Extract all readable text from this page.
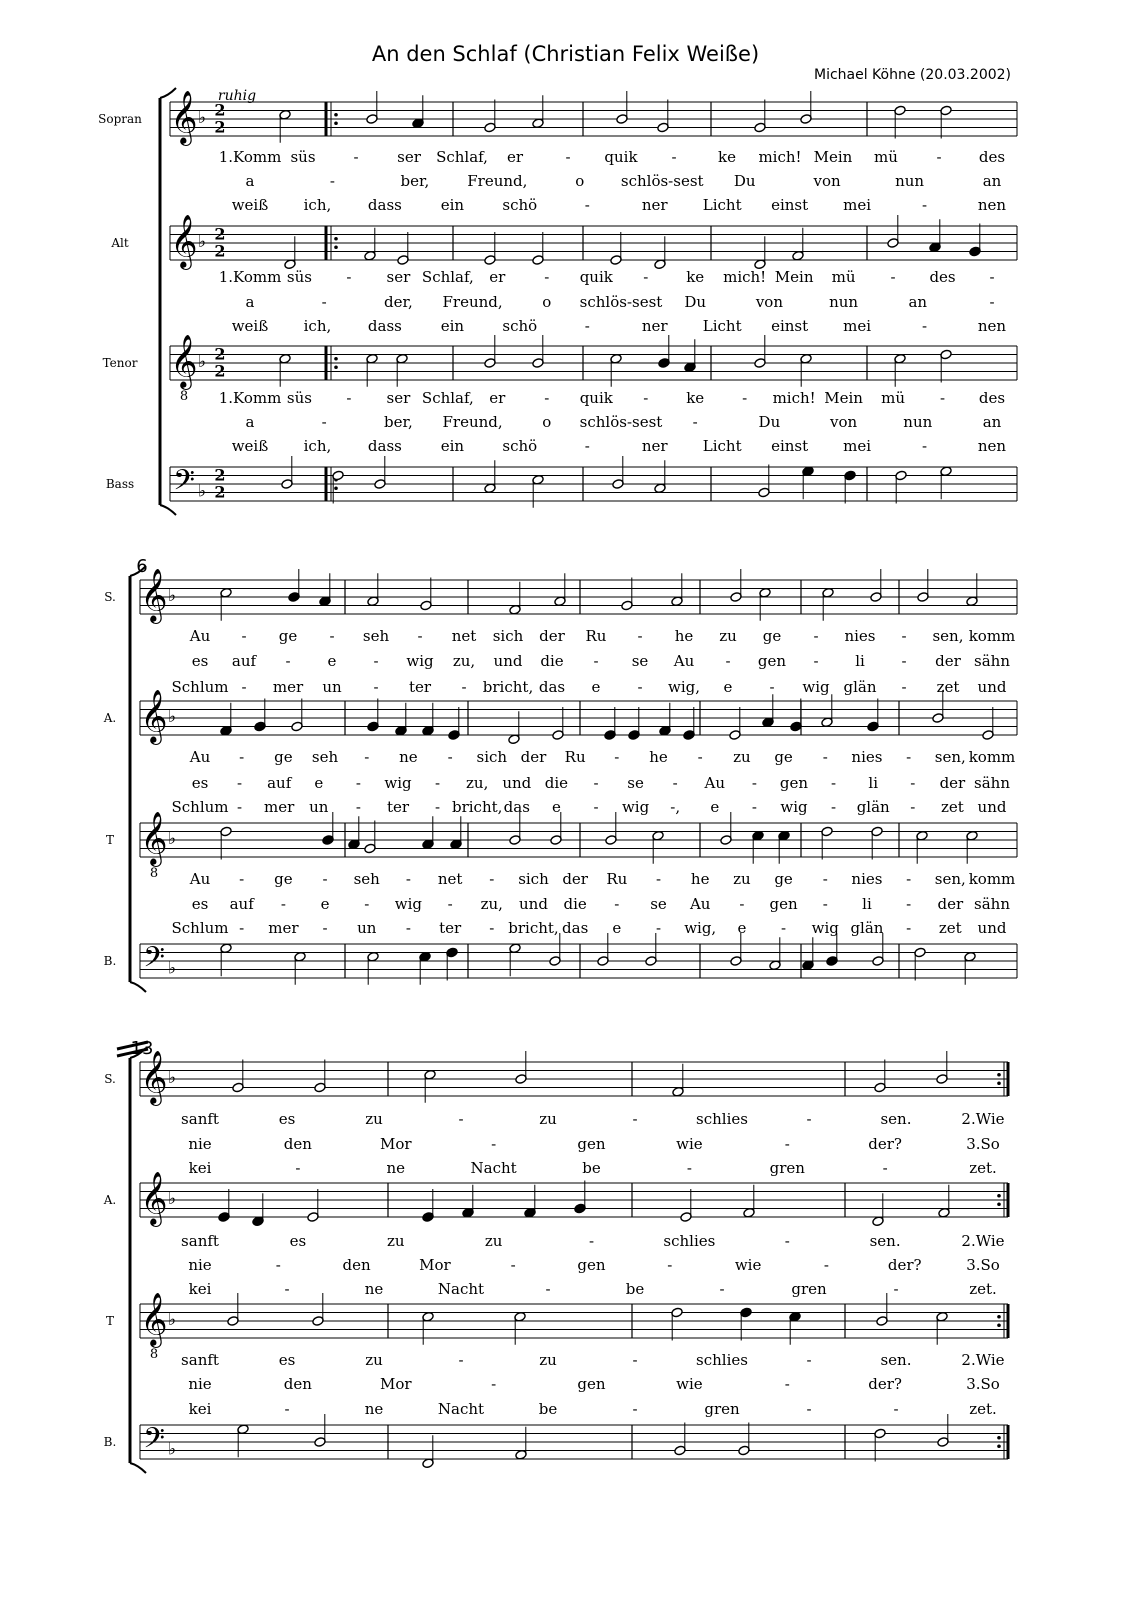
An den Schlaf (Christian Felix Weiße)
Michael Köhne (20.03.2002)
Sopran 𝄞 ♭ 2
2
1.Komm süs	-	ser Schlaf, er	- quik -	ke mich! Mein mü	- des
a	-	ber,	Freund,	o schlös-sest Du	von	nun	an
weiß ich, dass	ein	schö	-	ner Licht einst mei	-	nen
Alt 𝄞 ♭ 2
2
1.Komm süs - ser Schlaf, er	- quik -	ke mich! Mein mü - des -
a	-	der, Freund,	o schlös-sest Du	von	nun	an	-
weiß ich, dass	ein	schö	-	ner Licht einst mei	-	nen
Tenor 𝄞
8
♭ 2
2
1.Komm süs - ser Schlaf, er	- quik -	ke	- mich! Mein mü - des
a	-	ber, Freund,	o schlös-sest -	Du	von	nun	an
weiß ich, dass	ein	schö	-	ner Licht einst mei	-	nen
Bass 𝄢 ♭
2
2
6
S. 𝄞 ♭
Au - ge - seh - net sich der Ru - he zu ge - nies - sen, komm
es auf - e - wig zu, und die - se Au - gen - li - der sähn
Schlum - mer un - ter - bricht, das e - wig, e - wig glän - zet und
A. 𝄞 ♭
Au - ge seh - ne - sich der Ru - he - zu ge - nies - sen, komm
es - auf e - wig - zu, und die - se - Au - gen - li - der sähn
Schlum - mer un - ter - bricht, das e - wig -, e - wig - glän - zet und
T 𝄞
8
♭
Au - ge - seh - net - sich der Ru - he zu ge - nies - sen, komm
es auf - e - wig - zu, und die - se Au - gen - li - der sähn
Schlum - mer - un - ter - bricht, das e - wig, e - wig glän - zet und
B. 𝄢 ♭
13
S. 𝄞 ♭
sanft	es	zu	-	zu	-	schlies	-	sen.	2.Wie
nie	den	Mor	-	gen	wie	-	der?	3.So
kei	-	ne	Nacht	be	-	gren	-	zet.
A. 𝄞 ♭
sanft	es	zu	zu	-	schlies	-	sen.	2.Wie
nie	-	den	Mor	-	gen	-	wie	-	der?	3.So
kei	-	ne	Nacht	-	be	-	gren	-	zet.
T 𝄞
8
♭
sanft	es	zu	-	zu	-	schlies	-	sen.	2.Wie
nie	den	Mor	-	gen	wie	-	der?	3.So
kei	-	ne	Nacht	be	-	gren	-	-	zet.
B. 𝄢 ♭
ruhig
